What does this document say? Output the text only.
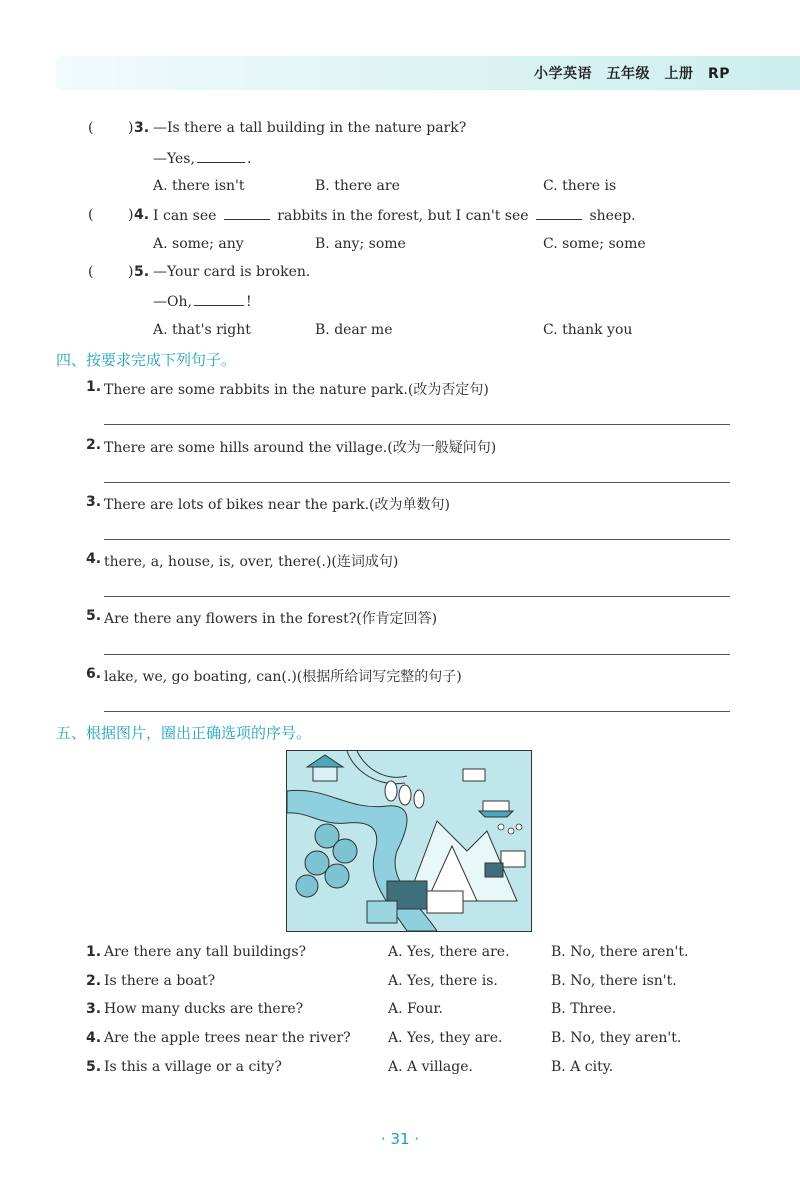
小学英语　五年级　上册　RP
( ) 3. —Is there a tall building in the nature park?
—Yes,	.
A. there isn't	B. there are	C. there is
( ) 4. I can see	rabbits in the forest, but I can't see	sheep.
A. some; any	B. any; some	C. some; some
( ) 5. —Your card is broken.
—Oh,	!
A. that's right	B. dear me	C. thank you
四、按要求完成下列句子。
1. There are some rabbits in the nature park.(改为否定句)
2. There are some hills around the village.(改为一般疑问句)
3. There are lots of bikes near the park.(改为单数句)
4. there, a, house, is, over, there(.)(连词成句)
5. Are there any flowers in the forest?(作肯定回答)
6. lake, we, go boating, can(.)(根据所给词写完整的句子)
五、根据图片，圈出正确选项的序号。
1. Are there any tall buildings?	A. Yes, there are.	B. No, there aren't.
2. Is there a boat?	A. Yes, there is.	B. No, there isn't.
3. How many ducks are there?	A. Four.	B. Three.
4. Are the apple trees near the river?	A. Yes, they are.	B. No, they aren't.
5. Is this a village or a city?	A. A village.	B. A city.
· 31 ·
